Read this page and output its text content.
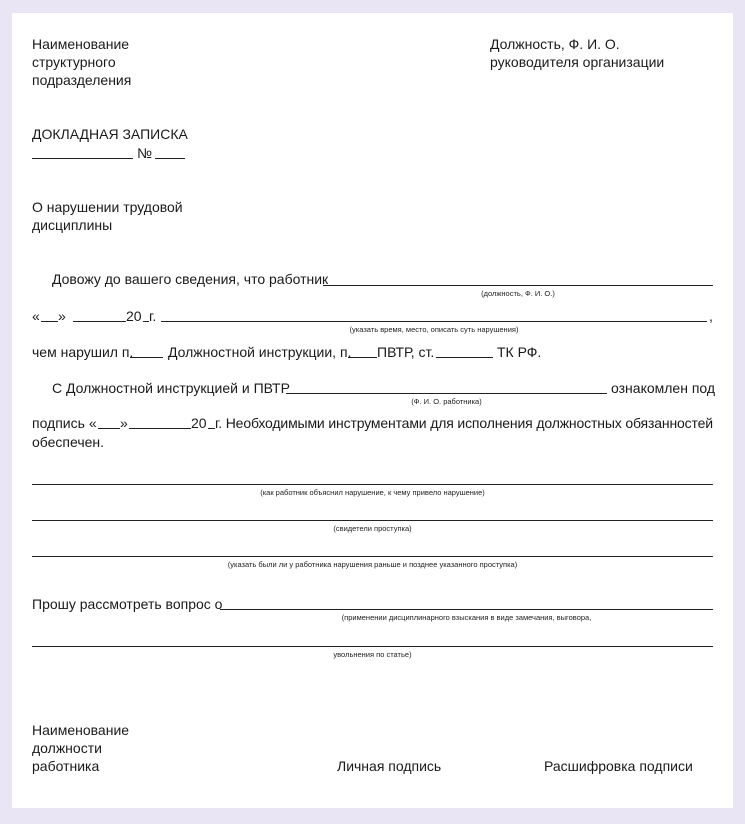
Наименование
структурного
подразделения
Должность, Ф. И. О.
руководителя организации
ДОКЛАДНАЯ ЗАПИСКА
№
О нарушении трудовой
дисциплины
Довожу до вашего сведения, что работник
(должность, Ф. И. О.)
« »	20 г.	,
(указать время, место, описать суть нарушения)
чем нарушил п. Должностной инструкции, п. ПВТР, ст.	ТК РФ.
С Должностной инструкцией и ПВТР	ознакомлен под
(Ф. И. О. работника)
подпись « »	20 г. Необходимыми инструментами для исполнения должностных обязанностей
обеспечен.
(как работник объяснил нарушение, к чему привело нарушение)
(свидетели проступка)
(указать были ли у работника нарушения раньше и позднее указанного проступка)
Прошу рассмотреть вопрос о
(применении дисциплинарного взыскания в виде замечания, выговора,
увольнения по статье)
Наименование
должности
работника	Личная подпись	Расшифровка подписи
